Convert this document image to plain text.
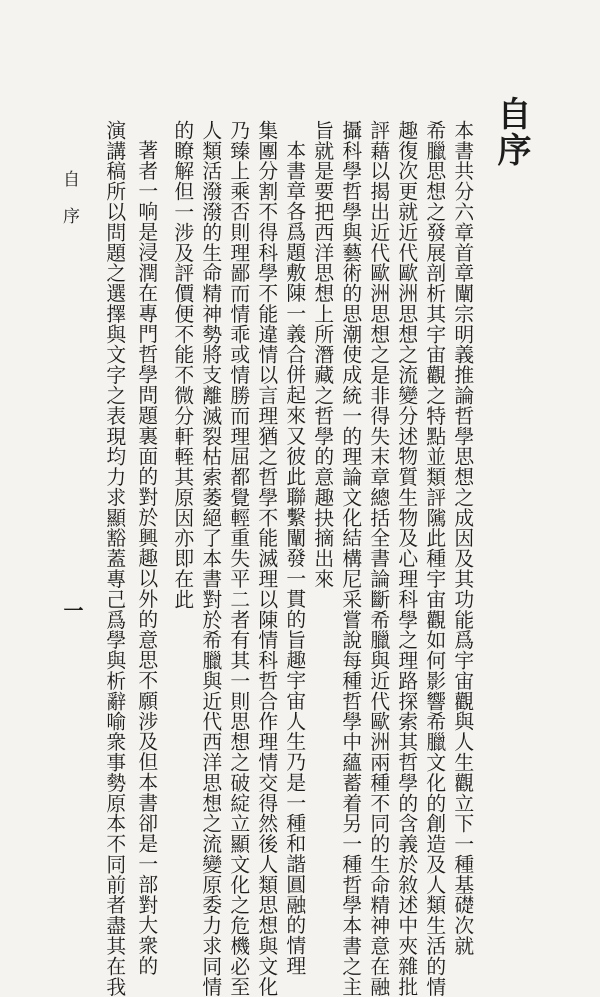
自序
本書共分六章首章闡宗明義推論哲學思想之成因及其功能爲宇宙觀與人生觀立下一種基礎次就
希臘思想之發展剖析其宇宙觀之特點並類評隲此種宇宙觀如何影響希臘文化的創造及人類生活的情
趣復次更就近代歐洲思想之流變分述物質生物及心理科學之理路探索其哲學的含義於敘述中夾雜批
評藉以揭出近代歐洲思想之是非得失末章總括全書論斷希臘與近代歐洲兩種不同的生命精神意在融
攝科學哲學與藝術的思潮使成統一的理論文化結構尼采嘗說每種哲學中蘊蓄着另一種哲學本書之主
旨就是要把西洋思想上所潛藏之哲學的意趣抉摘出來
本書章各爲題敷陳一義合併起來又彼此聯繫闡發一貫的旨趣宇宙人生乃是一種和諧圓融的情理
集團分割不得科學不能違情以言理猶之哲學不能滅理以陳情科哲合作理情交得然後人類思想與文化
乃臻上乘否則理鄙而情乖或情勝而理屈都覺輕重失平二者有其一則思想之破綻立顯文化之危機必至
人類活潑潑的生命精神勢將支離滅裂枯索萎絕了本書對於希臘與近代西洋思想之流變原委力求同情
的瞭解但一涉及評價便不能不微分軒輊其原因亦即在此
著者一响是浸潤在專門哲學問題裏面的對於興趣以外的意思不願涉及但本書卻是一部對大衆的
演講稿所以問題之選擇與文字之表現均力求顯豁蓋專己爲學與析辭喻衆事勢原本不同前者盡其在我
自序
一
